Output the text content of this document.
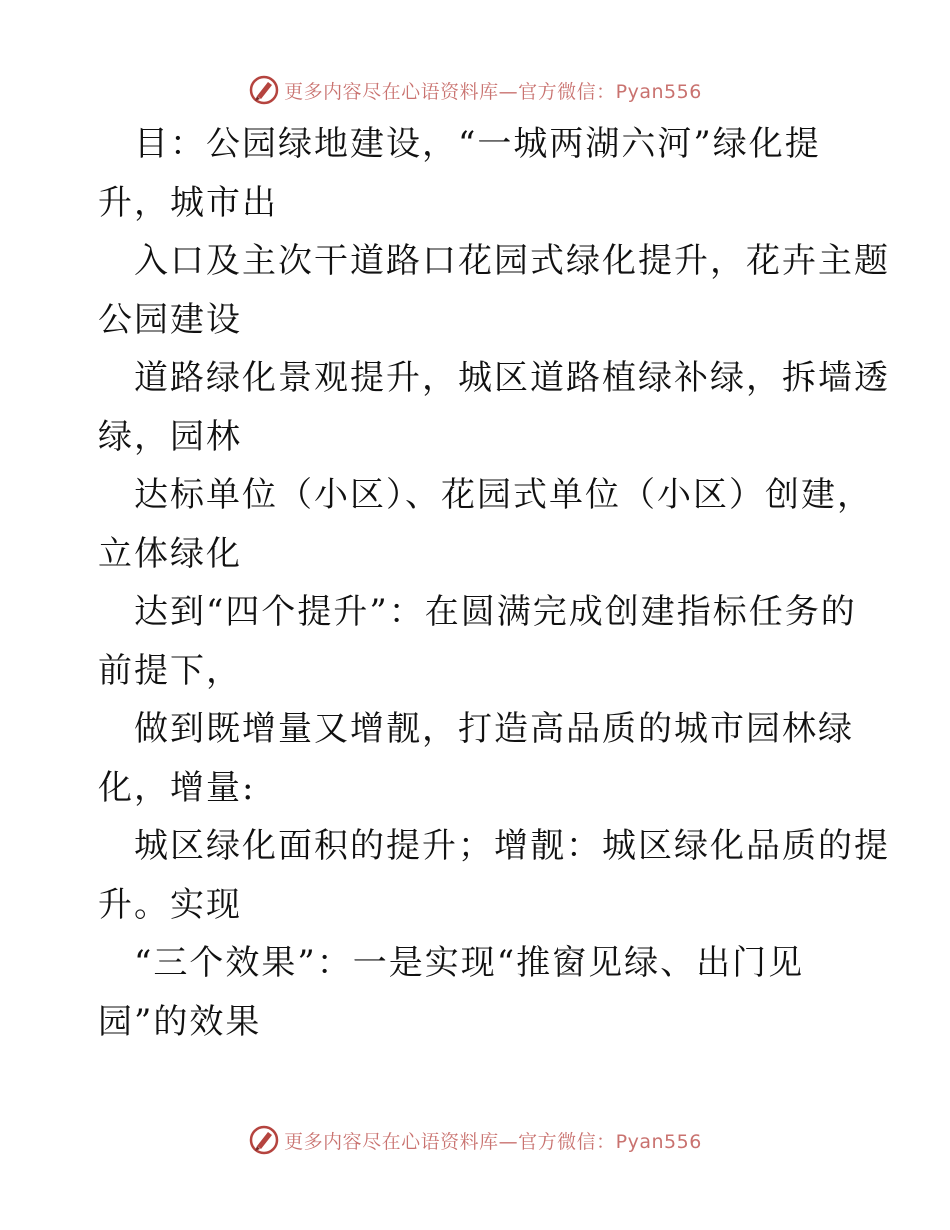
更多内容尽在心语资料库—官方微信：Pyan556
目：公园绿地建设，“一城两湖六河”绿化提
升，城市出
入口及主次干道路口花园式绿化提升，花卉主题
公园建设
道路绿化景观提升，城区道路植绿补绿，拆墙透
绿，园林
达标单位（小区）、花园式单位（小区）创建，
立体绿化
达到“四个提升”：在圆满完成创建指标任务的
前提下，
做到既增量又增靓，打造高品质的城市园林绿
化，增量:
城区绿化面积的提升；增靓：城区绿化品质的提
升。实现
“三个效果”：一是实现“推窗见绿、出门见
园”的效果
更多内容尽在心语资料库—官方微信：Pyan556
